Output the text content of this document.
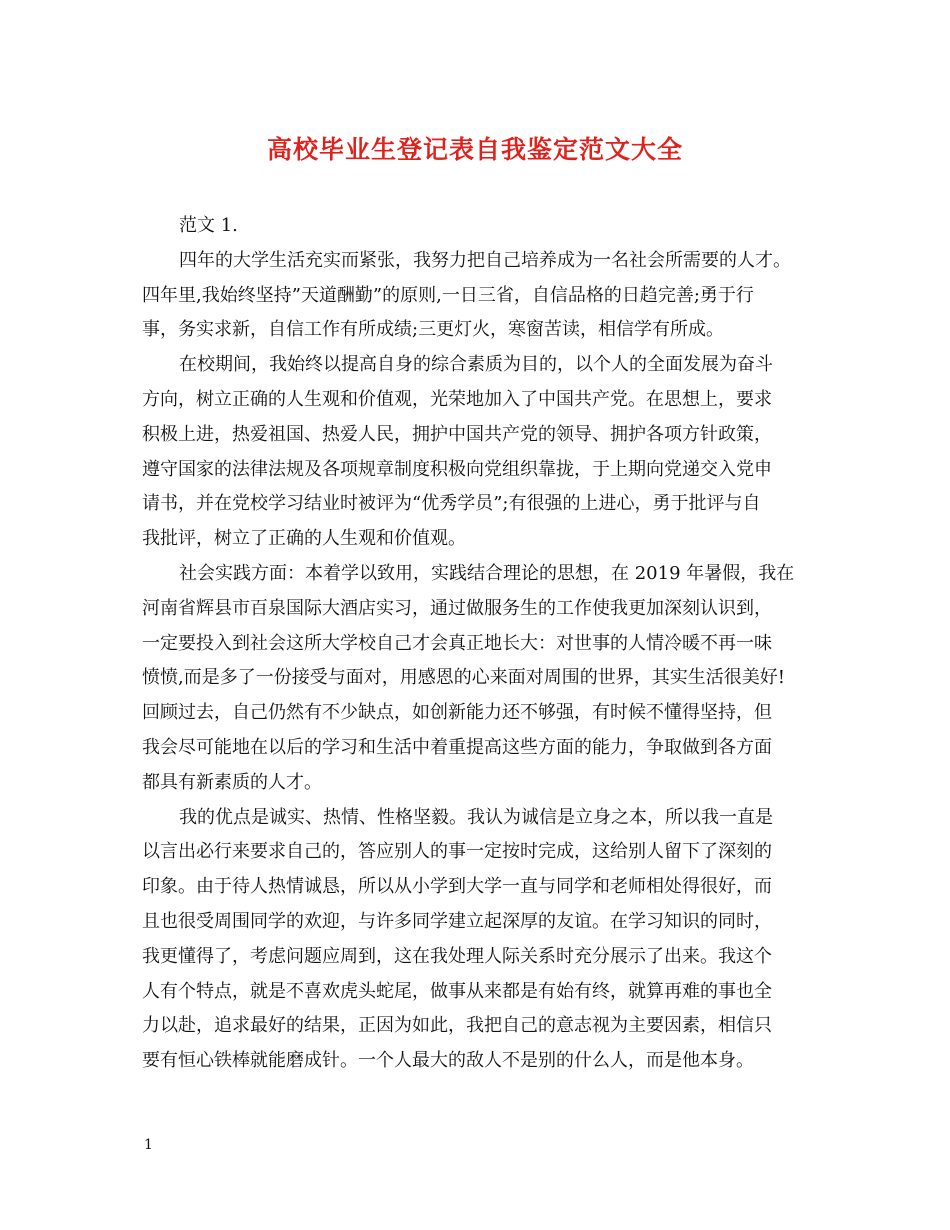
高校毕业生登记表自我鉴定范文大全
范文 1.
四年的大学生活充实而紧张，我努力把自己培养成为一名社会所需要的人才。
四年里,我始终坚持”天道酬勤”的原则,一日三省，自信品格的日趋完善;勇于行
事，务实求新，自信工作有所成绩;三更灯火，寒窗苦读，相信学有所成。
在校期间，我始终以提高自身的综合素质为目的，以个人的全面发展为奋斗
方向，树立正确的人生观和价值观，光荣地加入了中国共产党。在思想上，要求
积极上进，热爱祖国、热爱人民，拥护中国共产党的领导、拥护各项方针政策，
遵守国家的法律法规及各项规章制度积极向党组织靠拢，于上期向党递交入党申
请书，并在党校学习结业时被评为“优秀学员”;有很强的上进心，勇于批评与自
我批评，树立了正确的人生观和价值观。
社会实践方面：本着学以致用，实践结合理论的思想，在 2019 年暑假，我在
河南省辉县市百泉国际大酒店实习，通过做服务生的工作使我更加深刻认识到，
一定要投入到社会这所大学校自己才会真正地长大：对世事的人情冷暖不再一味
愤愤,而是多了一份接受与面对，用感恩的心来面对周围的世界，其实生活很美好!
回顾过去，自己仍然有不少缺点，如创新能力还不够强，有时候不懂得坚持，但
我会尽可能地在以后的学习和生活中着重提高这些方面的能力，争取做到各方面
都具有新素质的人才。
我的优点是诚实、热情、性格坚毅。我认为诚信是立身之本，所以我一直是
以言出必行来要求自己的，答应别人的事一定按时完成，这给别人留下了深刻的
印象。由于待人热情诚恳，所以从小学到大学一直与同学和老师相处得很好，而
且也很受周围同学的欢迎，与许多同学建立起深厚的友谊。在学习知识的同时，
我更懂得了，考虑问题应周到，这在我处理人际关系时充分展示了出来。我这个
人有个特点，就是不喜欢虎头蛇尾，做事从来都是有始有终，就算再难的事也全
力以赴，追求最好的结果，正因为如此，我把自己的意志视为主要因素，相信只
要有恒心铁棒就能磨成针。一个人最大的敌人不是别的什么人，而是他本身。
1
